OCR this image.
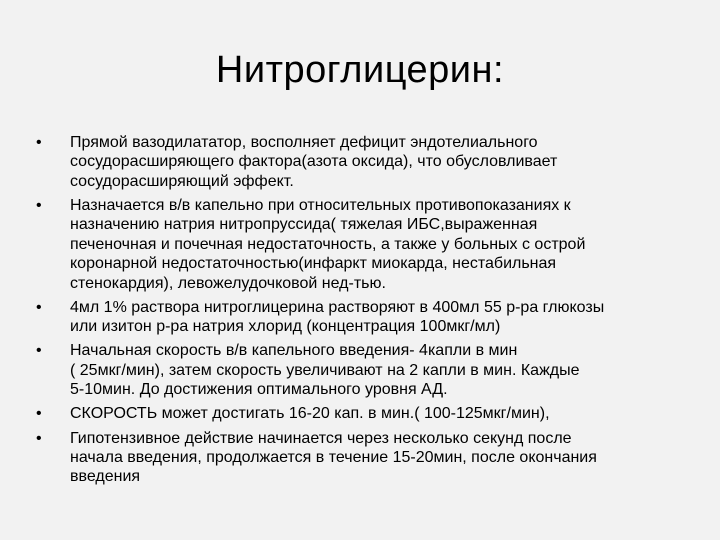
Нитроглицерин:
•	Прямой вазодилататор, восполняет дефицит эндотелиального
сосудорасширяющего фактора(азота оксида), что обусловливает
сосудорасширяющий эффект.
•	Назначается в/в капельно при относительных противопоказаниях к
назначению натрия нитропруссида( тяжелая ИБС,выраженная
печеночная и почечная недостаточность, а также у больных с острой
коронарной недостаточностью(инфаркт миокарда, нестабильная
стенокардия), левожелудочковой нед-тью.
•	4мл 1% раствора нитроглицерина растворяют в 400мл 55 р-ра глюкозы
или изитон р-ра натрия хлорид (концентрация 100мкг/мл)
•	Начальная скорость в/в капельного введения- 4капли в мин
( 25мкг/мин), затем скорость увеличивают на 2 капли в мин. Каждые
5-10мин. До достижения оптимального уровня АД.
•	СКОРОСТЬ может достигать 16-20 кап. в мин.( 100-125мкг/мин),
•	Гипотензивное действие начинается через несколько секунд после
начала введения, продолжается в течение 15-20мин, после окончания
введения
